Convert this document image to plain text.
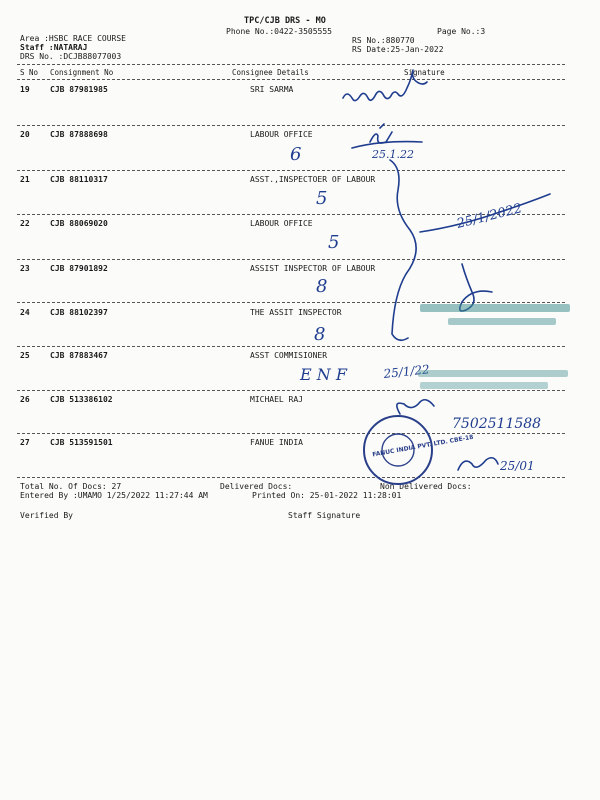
TPC/CJB DRS - MO
Phone No.:0422-3505555	Page No.:3
Area :HSBC RACE COURSE
Staff :NATARAJ
DRS No. :DCJB88077003
RS No.:880770
RS Date:25-Jan-2022
S No Consignment No	Consignee Details	Signature
19	CJB 87981985	SRI SARMA
20	CJB 87888698	LABOUR OFFICE
21	CJB 88110317	ASST.,INSPECTOER OF LABOUR
22	CJB 88069020	LABOUR OFFICE
23	CJB 87901892	ASSIST INSPECTOR OF LABOUR
24	CJB 88102397	THE ASSIT INSPECTOR
25	CJB 87883467	ASST COMMISIONER
26	CJB 513386102	MICHAEL RAJ
27	CJB 513591501	FANUE INDIA
Total No. Of Docs: 27	Delivered Docs:	Non Delivered Docs:
Entered By :UMAMO 1/25/2022 11:27:44 AM	Printed On: 25-01-2022 11:28:01
Verified By	Staff Signature
6	25.1.22
5
5
25/1/2022
8
8
E N F	25/1/22
7502511588
25/01
FANUC INDIA PVT. LTD. CBE-18
